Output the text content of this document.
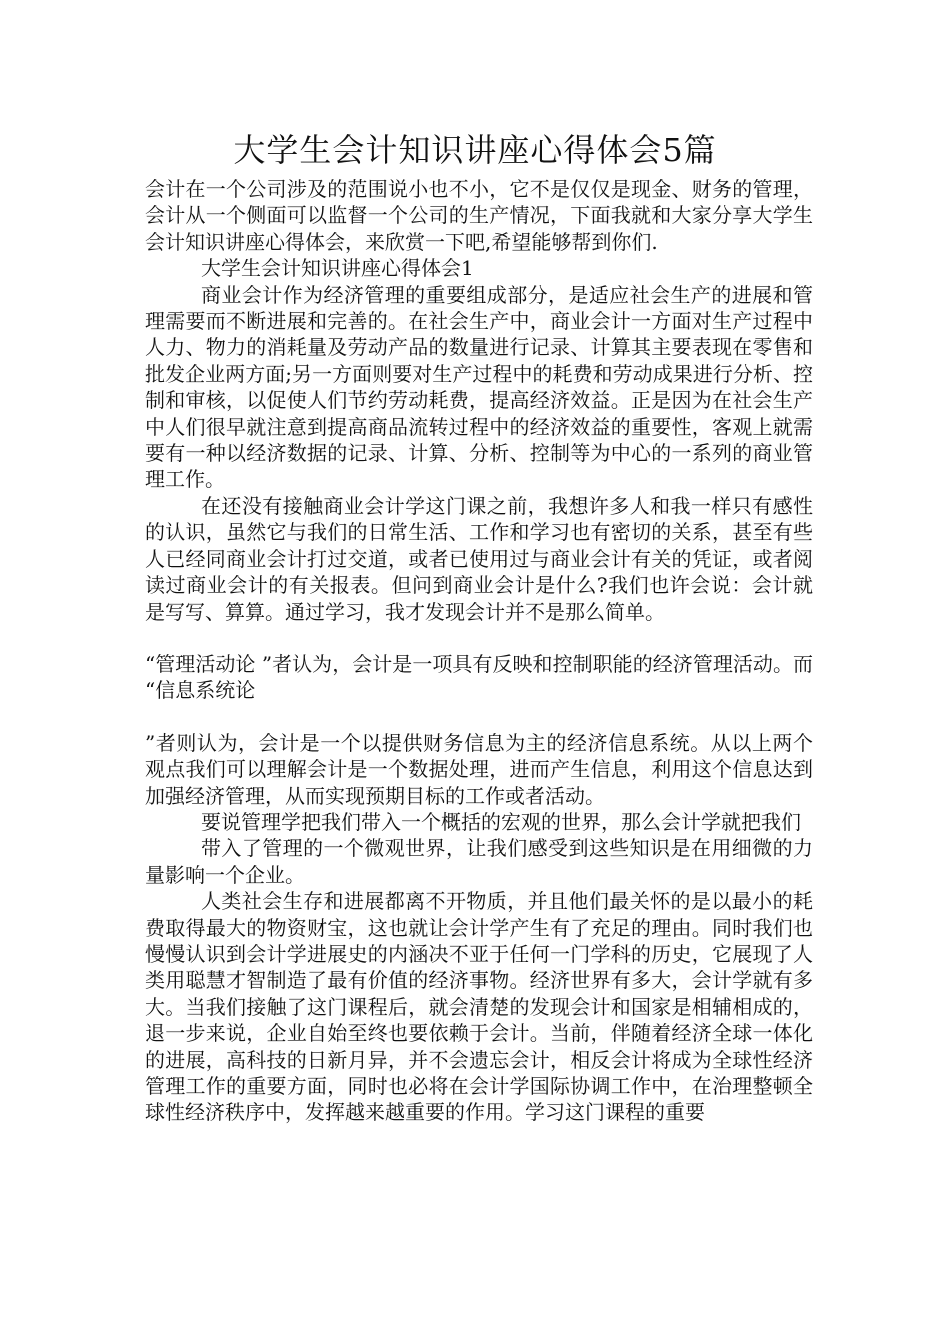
大学生会计知识讲座心得体会5篇

会计在一个公司涉及的范围说小也不小，它不是仅仅是现金、财务的管理，会计从一个侧面可以监督一个公司的生产情况，下面我就和大家分享大学生会计知识讲座心得体会，来欣赏一下吧,希望能够帮到你们.

大学生会计知识讲座心得体会1

商业会计作为经济管理的重要组成部分，是适应社会生产的进展和管理需要而不断进展和完善的。在社会生产中，商业会计一方面对生产过程中人力、物力的消耗量及劳动产品的数量进行记录、计算其主要表现在零售和批发企业两方面;另一方面则要对生产过程中的耗费和劳动成果进行分析、控制和审核，以促使人们节约劳动耗费，提高经济效益。正是因为在社会生产中人们很早就注意到提高商品流转过程中的经济效益的重要性，客观上就需要有一种以经济数据的记录、计算、分析、控制等为中心的一系列的商业管理工作。

在还没有接触商业会计学这门课之前，我想许多人和我一样只有感性的认识，虽然它与我们的日常生活、工作和学习也有密切的关系，甚至有些人已经同商业会计打过交道，或者已使用过与商业会计有关的凭证，或者阅读过商业会计的有关报表。但问到商业会计是什么?我们也许会说：会计就是写写、算算。通过学习，我才发现会计并不是那么简单。

“管理活动论 ”者认为，会计是一项具有反映和控制职能的经济管理活动。而 “信息系统论

”者则认为，会计是一个以提供财务信息为主的经济信息系统。从以上两个观点我们可以理解会计是一个数据处理，进而产生信息，利用这个信息达到加强经济管理，从而实现预期目标的工作或者活动。

要说管理学把我们带入一个概括的宏观的世界，那么会计学就把我们

带入了管理的一个微观世界，让我们感受到这些知识是在用细微的力量影响一个企业。

人类社会生存和进展都离不开物质，并且他们最关怀的是以最小的耗费取得最大的物资财宝，这也就让会计学产生有了充足的理由。同时我们也慢慢认识到会计学进展史的内涵决不亚于任何一门学科的历史，它展现了人类用聪慧才智制造了最有价值的经济事物。经济世界有多大，会计学就有多大。当我们接触了这门课程后，就会清楚的发现会计和国家是相辅相成的，退一步来说，企业自始至终也要依赖于会计。当前，伴随着经济全球一体化的进展，高科技的日新月异，并不会遗忘会计，相反会计将成为全球性经济管理工作的重要方面，同时也必将在会计学国际协调工作中，在治理整顿全球性经济秩序中，发挥越来越重要的作用。学习这门课程的重要
